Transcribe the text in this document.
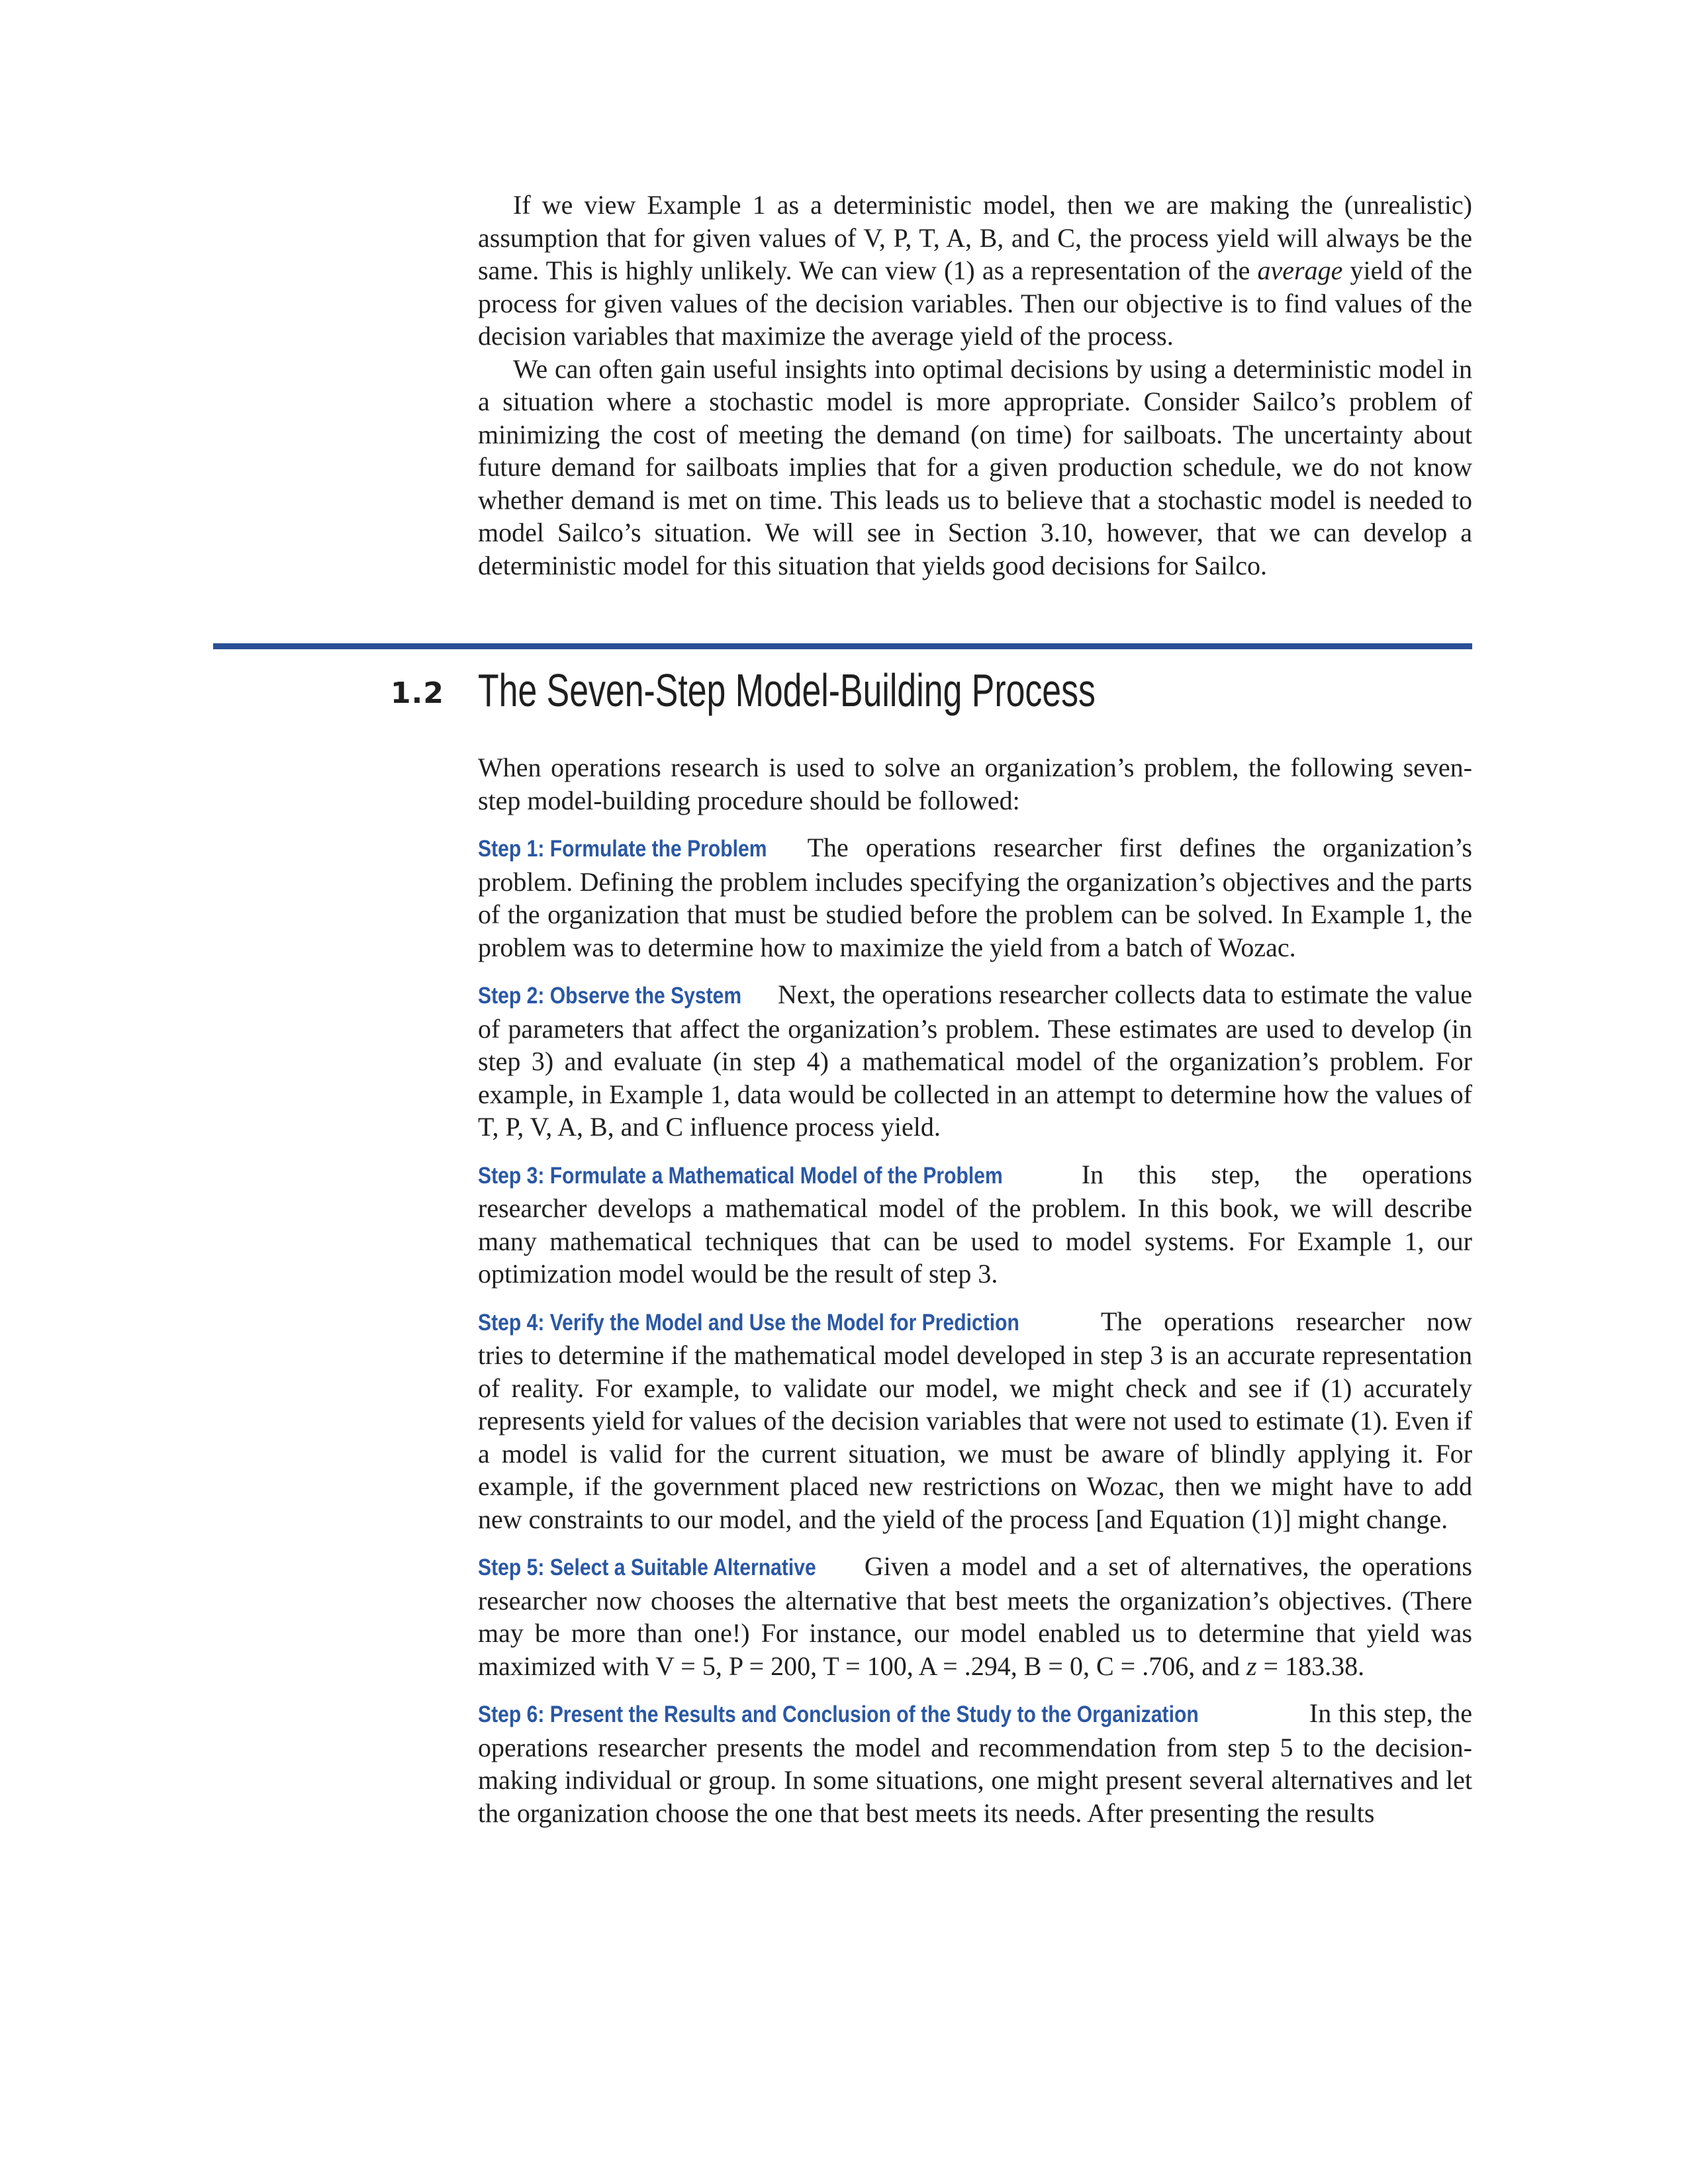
If we view Example 1 as a deterministic model, then we are making the (unrealistic) assumption that for given values of V, P, T, A, B, and C, the process yield will always be the same. This is highly unlikely. We can view (1) as a representation of the average yield of the process for given values of the decision variables. Then our objective is to find values of the decision variables that maximize the average yield of the process.

We can often gain useful insights into optimal decisions by using a deterministic model in a situation where a stochastic model is more appropriate. Consider Sailco’s problem of minimizing the cost of meeting the demand (on time) for sailboats. The uncertainty about future demand for sailboats implies that for a given production schedule, we do not know whether demand is met on time. This leads us to believe that a stochastic model is needed to model Sailco’s situation. We will see in Section 3.10, however, that we can develop a deterministic model for this situation that yields good decisions for Sailco.

1.2 The Seven-Step Model-Building Process

When operations research is used to solve an organization’s problem, the following seven-step model-building procedure should be followed:

Step 1: Formulate the Problem The operations researcher first defines the organization’s problem. Defining the problem includes specifying the organization’s objectives and the parts of the organization that must be studied before the problem can be solved. In Example 1, the problem was to determine how to maximize the yield from a batch of Wozac.

Step 2: Observe the System Next, the operations researcher collects data to estimate the value of parameters that affect the organization’s problem. These estimates are used to develop (in step 3) and evaluate (in step 4) a mathematical model of the organization’s problem. For example, in Example 1, data would be collected in an attempt to determine how the values of T, P, V, A, B, and C influence process yield.

Step 3: Formulate a Mathematical Model of the Problem	In this step, the operations researcher develops a mathematical model of the problem. In this book, we will describe many mathematical techniques that can be used to model systems. For Example 1, our optimization model would be the result of step 3.

Step 4: Verify the Model and Use the Model for Prediction	The operations researcher now tries to determine if the mathematical model developed in step 3 is an accurate representation of reality. For example, to validate our model, we might check and see if (1) accurately represents yield for values of the decision variables that were not used to estimate (1). Even if a model is valid for the current situation, we must be aware of blindly applying it. For example, if the government placed new restrictions on Wozac, then we might have to add new constraints to our model, and the yield of the process [and Equation (1)] might change.

Step 5: Select a Suitable Alternative Given a model and a set of alternatives, the operations researcher now chooses the alternative that best meets the organization’s objectives. (There may be more than one!) For instance, our model enabled us to determine that yield was maximized with V = 5, P = 200, T = 100, A = .294, B = 0, C = .706, and z = 183.38.

Step 6: Present the Results and Conclusion of the Study to the Organization	In this step, the operations researcher presents the model and recommendation from step 5 to the decision-making individual or group. In some situations, one might present several alternatives and let the organization choose the one that best meets its needs. After presenting the results
